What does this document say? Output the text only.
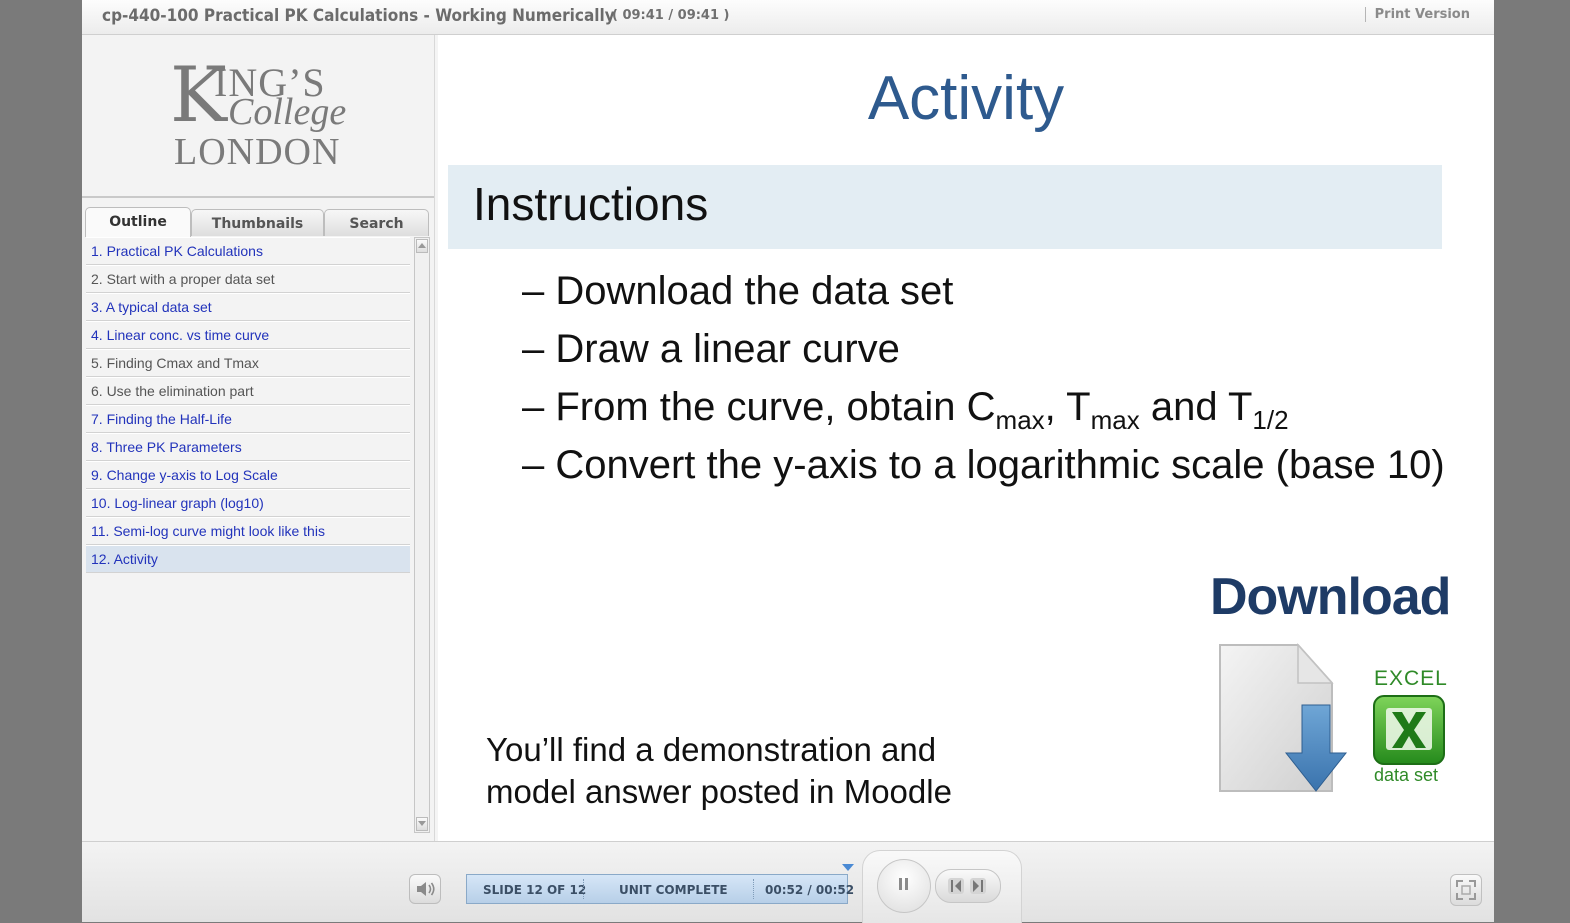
cp-440-100 Practical PK Calculations - Working Numerically
( 09:41 / 09:41 )	Print Version
K
ING’S
College
LONDON
Outline	Thumbnails	Search
1. Practical PK Calculations
2. Start with a proper data set
3. A typical data set
4. Linear conc. vs time curve
5. Finding Cmax and Tmax
6. Use the elimination part
7. Finding the Half-Life
8. Three PK Parameters
9. Change y-axis to Log Scale
10. Log-linear graph (log10)
11. Semi-log curve might look like this
12. Activity
Activity
Instructions
– Download the data set
– Draw a linear curve
– From the curve, obtain $C_{max}$, $T_{max}$ and $T_{1/2}$
– Convert the y-axis to a logarithmic scale (base 10)
You’ll find a demonstration and
model answer posted in Moodle
Download
EXCEL
data set
SLIDE 12 OF 12	UNIT COMPLETE	00:52 / 00:52
